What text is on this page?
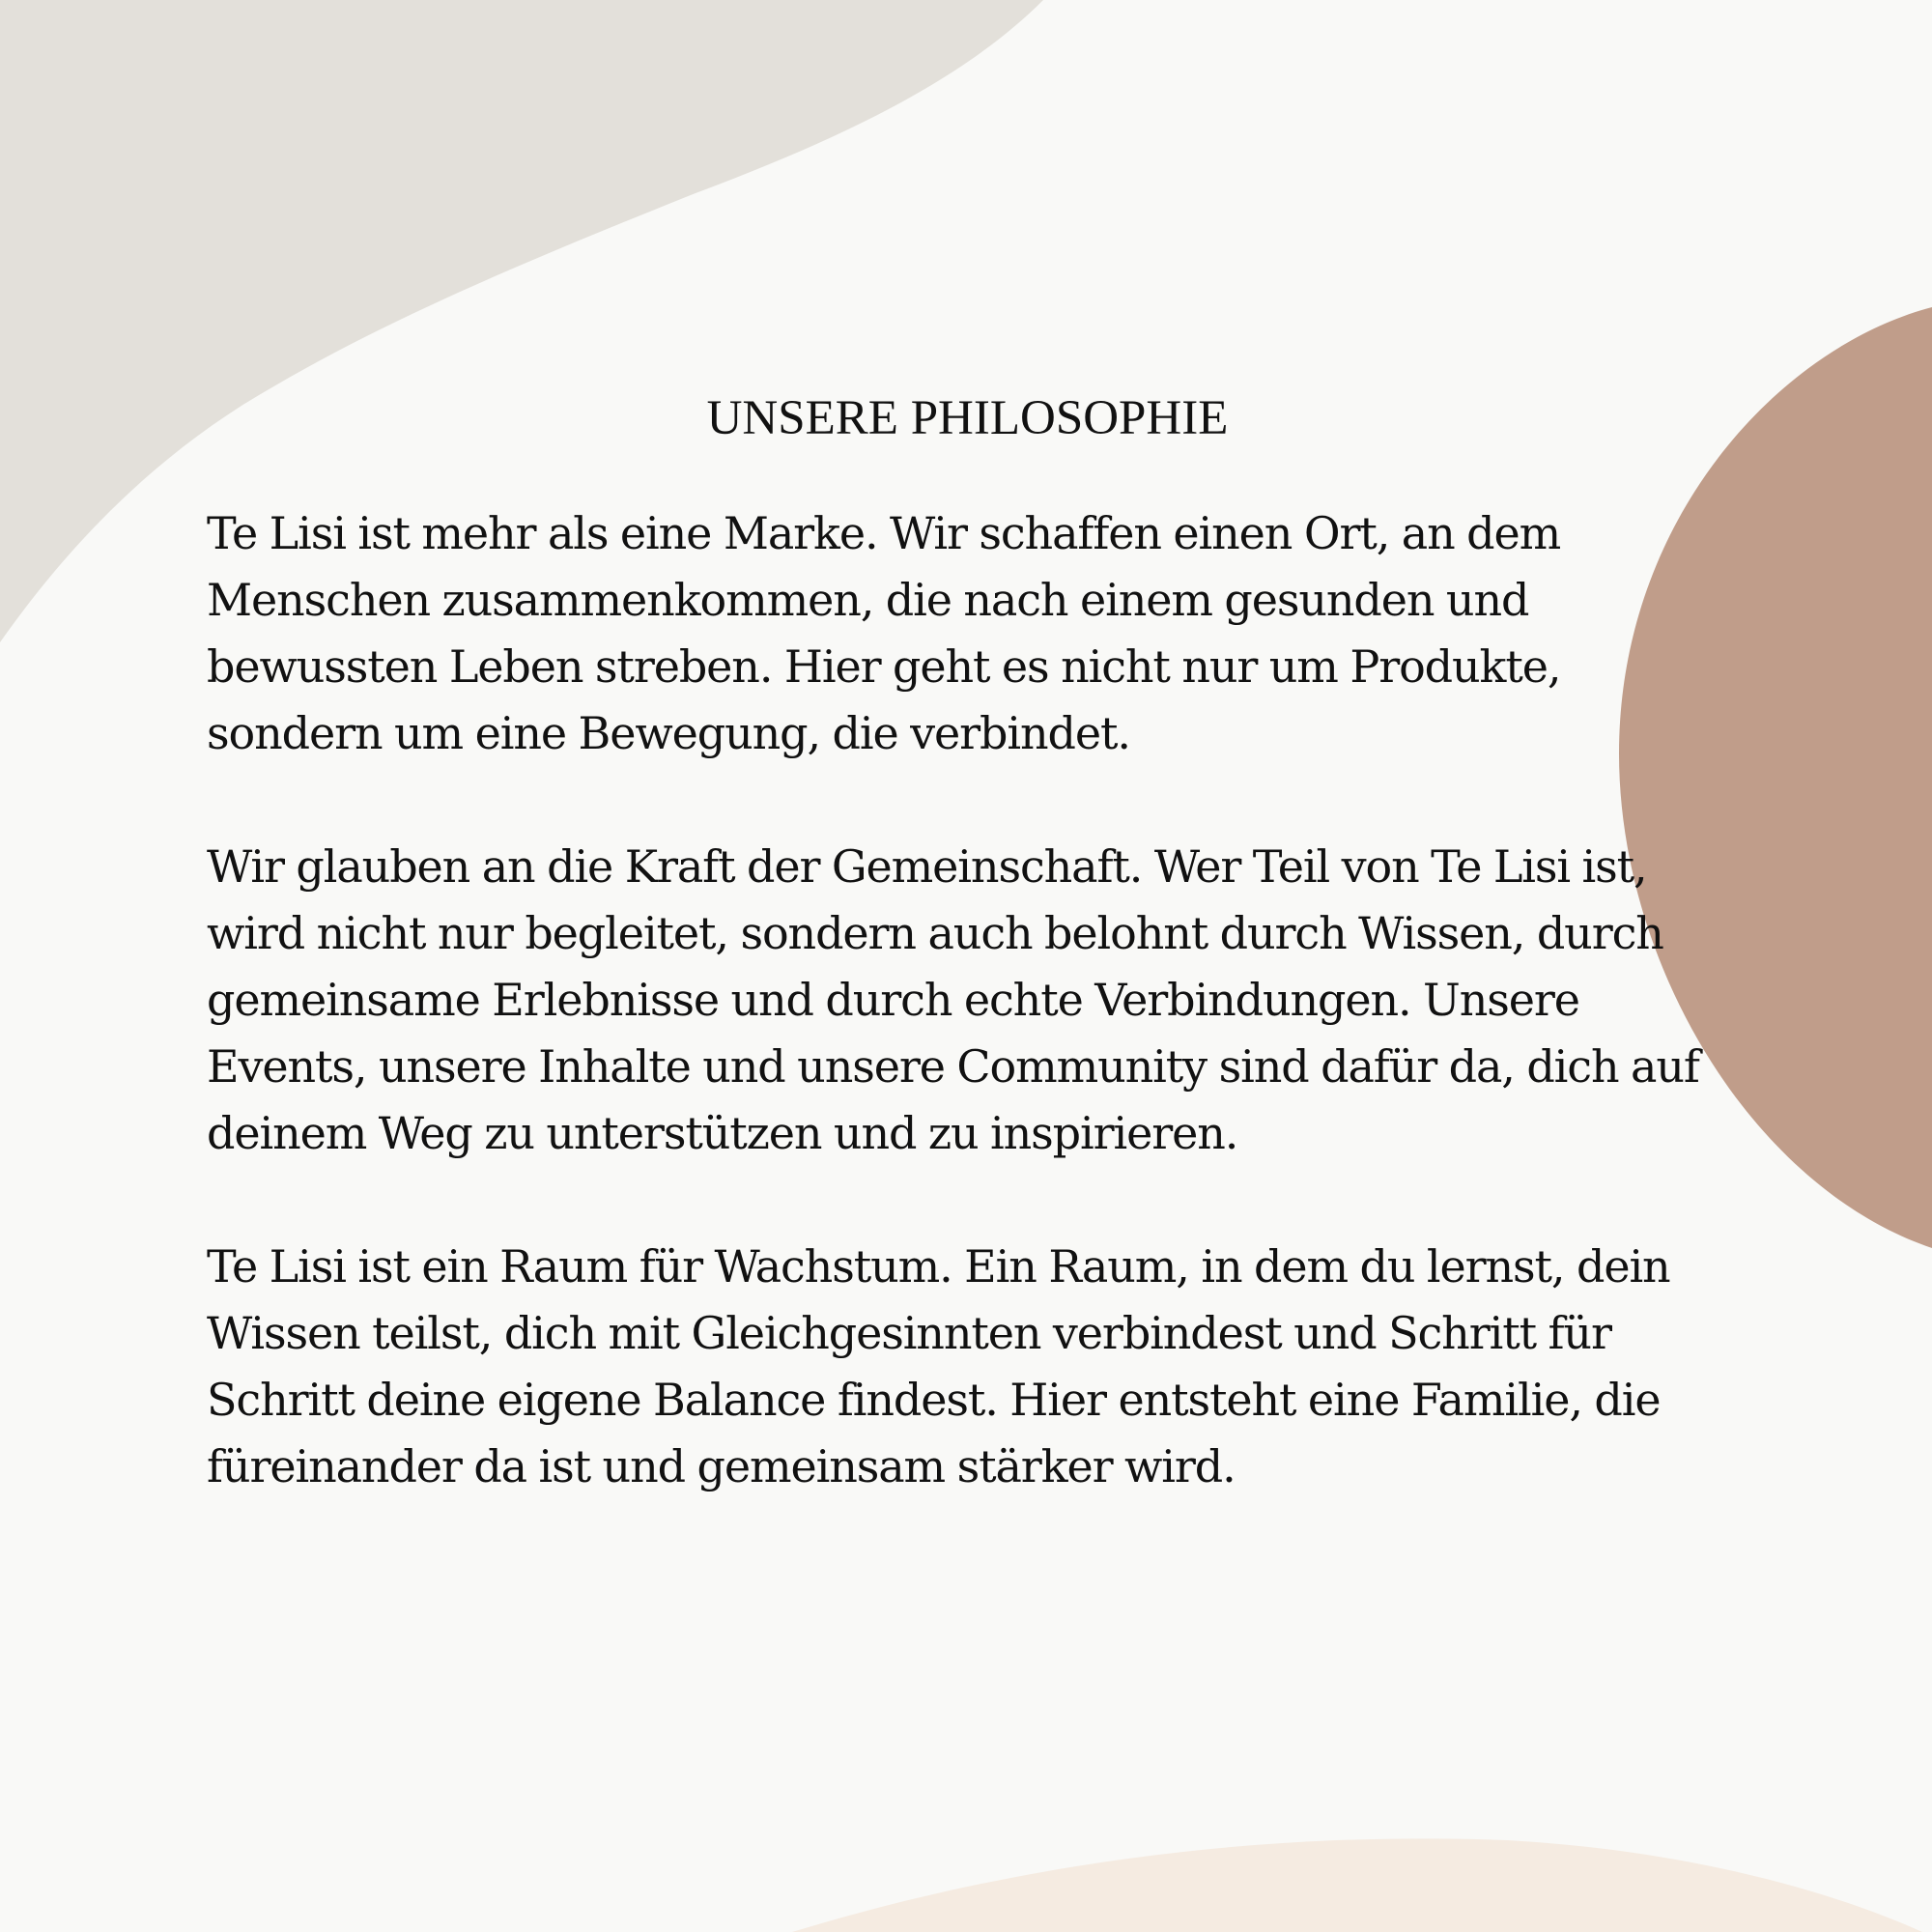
UNSERE PHILOSOPHIE

Te Lisi ist mehr als eine Marke. Wir schaffen einen Ort, an dem Menschen zusammenkommen, die nach einem gesunden und bewussten Leben streben. Hier geht es nicht nur um Produkte, sondern um eine Bewegung, die verbindet.

Wir glauben an die Kraft der Gemeinschaft. Wer Teil von Te Lisi ist, wird nicht nur begleitet, sondern auch belohnt durch Wissen, durch gemeinsame Erlebnisse und durch echte Verbindungen. Unsere Events, unsere Inhalte und unsere Community sind dafür da, dich auf deinem Weg zu unterstützen und zu inspirieren.

Te Lisi ist ein Raum für Wachstum. Ein Raum, in dem du lernst, dein Wissen teilst, dich mit Gleichgesinnten verbindest und Schritt für Schritt deine eigene Balance findest. Hier entsteht eine Familie, die füreinander da ist und gemeinsam stärker wird.
